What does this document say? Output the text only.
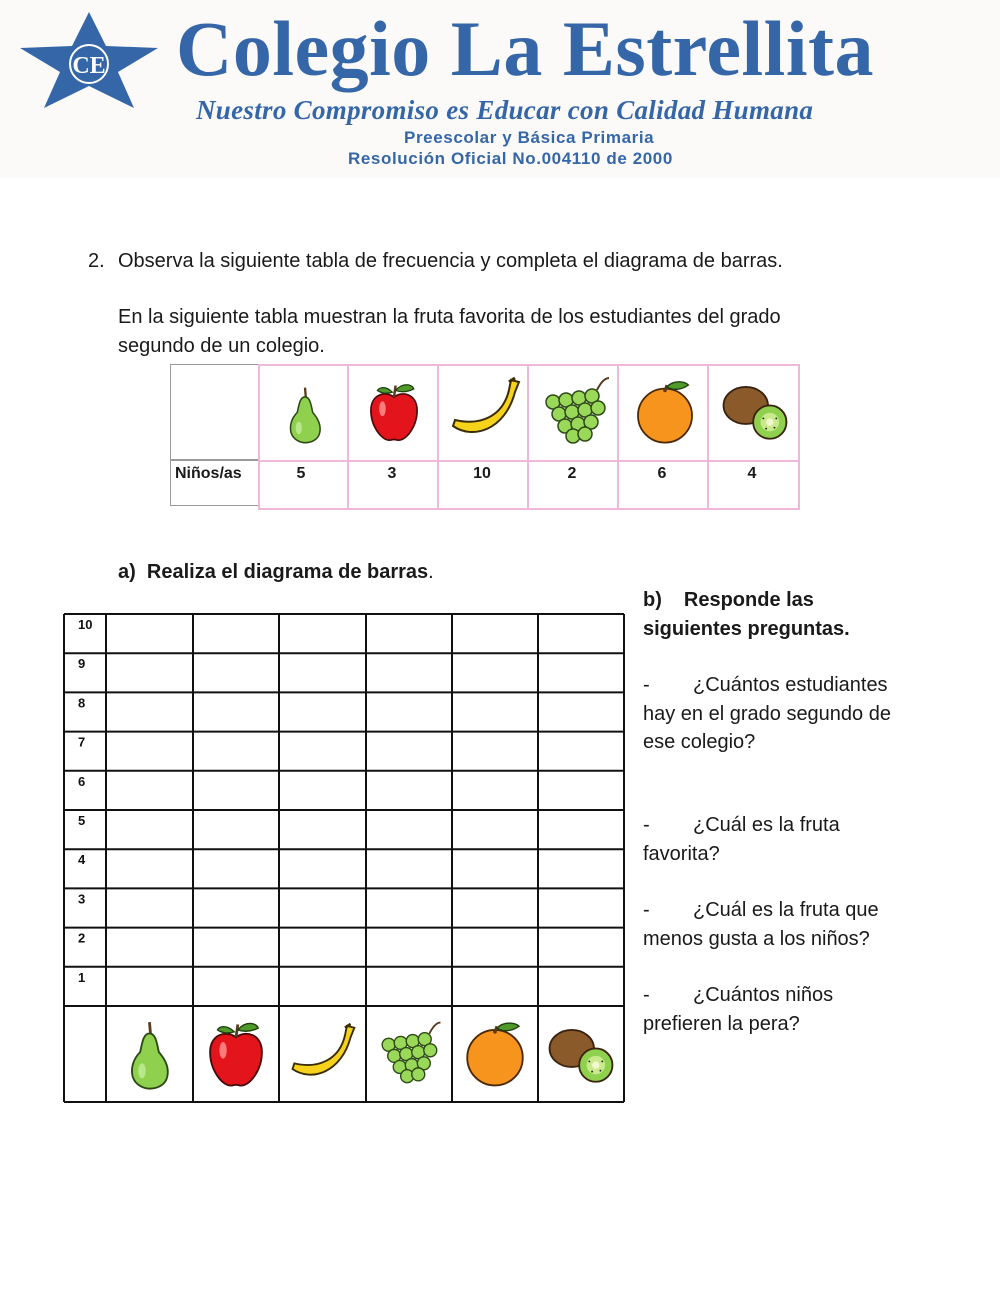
CE Colegio La Estrellita
Nuestro Compromiso es Educar con Calidad Humana
Preescolar y Básica Primaria
Resolución Oficial No.004110 de 2000
2. Observa la siguiente tabla de frecuencia y completa el diagrama de barras.
En la siguiente tabla muestran la fruta favorita de los estudiantes del grado
segundo de un colegio.
Niños/as	5	3	10	2	6	4
a) Realiza el diagrama de barras.
10
9
8
7
6
5
4
3
2
1
b) Responde las
siguientes preguntas.
- ¿Cuántos estudiantes
hay en el grado segundo de
ese colegio?
- ¿Cuál es la fruta
favorita?
- ¿Cuál es la fruta que
menos gusta a los niños?
- ¿Cuántos niños
prefieren la pera?
